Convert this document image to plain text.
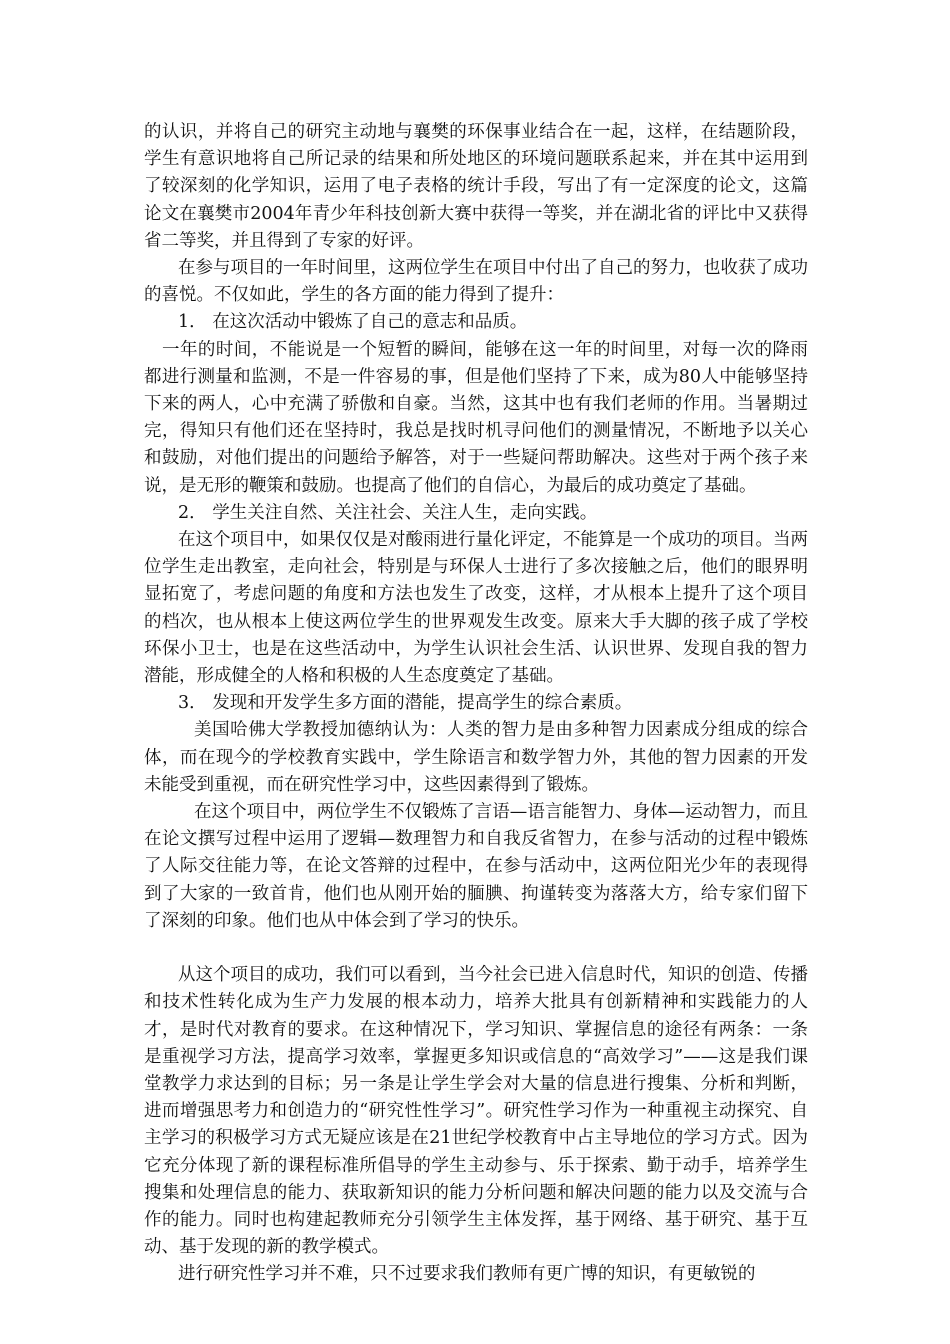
的认识，并将自己的研究主动地与襄樊的环保事业结合在一起，这样，在结题阶段，学生有意识地将自己所记录的结果和所处地区的环境问题联系起来，并在其中运用到了较深刻的化学知识，运用了电子表格的统计手段，写出了有一定深度的论文，这篇论文在襄樊市2004年青少年科技创新大赛中获得一等奖，并在湖北省的评比中又获得省二等奖，并且得到了专家的好评。

在参与项目的一年时间里，这两位学生在项目中付出了自己的努力，也收获了成功的喜悦。不仅如此，学生的各方面的能力得到了提升：

1． 在这次活动中锻炼了自己的意志和品质。

一年的时间，不能说是一个短暂的瞬间，能够在这一年的时间里，对每一次的降雨都进行测量和监测，不是一件容易的事，但是他们坚持了下来，成为80人中能够坚持下来的两人，心中充满了骄傲和自豪。当然，这其中也有我们老师的作用。当暑期过完，得知只有他们还在坚持时，我总是找时机寻问他们的测量情况，不断地予以关心和鼓励，对他们提出的问题给予解答，对于一些疑问帮助解决。这些对于两个孩子来说，是无形的鞭策和鼓励。也提高了他们的自信心，为最后的成功奠定了基础。

2． 学生关注自然、关注社会、关注人生，走向实践。

在这个项目中，如果仅仅是对酸雨进行量化评定，不能算是一个成功的项目。当两位学生走出教室，走向社会，特别是与环保人士进行了多次接触之后，他们的眼界明显拓宽了，考虑问题的角度和方法也发生了改变，这样，才从根本上提升了这个项目的档次，也从根本上使这两位学生的世界观发生改变。原来大手大脚的孩子成了学校环保小卫士，也是在这些活动中，为学生认识社会生活、认识世界、发现自我的智力潜能，形成健全的人格和积极的人生态度奠定了基础。

3． 发现和开发学生多方面的潜能，提高学生的综合素质。

美国哈佛大学教授加德纳认为：人类的智力是由多种智力因素成分组成的综合体，而在现今的学校教育实践中，学生除语言和数学智力外，其他的智力因素的开发未能受到重视，而在研究性学习中，这些因素得到了锻炼。

在这个项目中，两位学生不仅锻炼了言语—语言能智力、身体—运动智力，而且在论文撰写过程中运用了逻辑—数理智力和自我反省智力，在参与活动的过程中锻炼了人际交往能力等，在论文答辩的过程中，在参与活动中，这两位阳光少年的表现得到了大家的一致首肯，他们也从刚开始的腼腆、拘谨转变为落落大方，给专家们留下了深刻的印象。他们也从中体会到了学习的快乐。

从这个项目的成功，我们可以看到，当今社会已进入信息时代，知识的创造、传播和技术性转化成为生产力发展的根本动力，培养大批具有创新精神和实践能力的人才，是时代对教育的要求。在这种情况下，学习知识、掌握信息的途径有两条：一条是重视学习方法，提高学习效率，掌握更多知识或信息的“高效学习”——这是我们课堂教学力求达到的目标；另一条是让学生学会对大量的信息进行搜集、分析和判断，进而增强思考力和创造力的“研究性性学习”。研究性学习作为一种重视主动探究、自主学习的积极学习方式无疑应该是在21世纪学校教育中占主导地位的学习方式。因为它充分体现了新的课程标准所倡导的学生主动参与、乐于探索、勤于动手，培养学生搜集和处理信息的能力、获取新知识的能力分析问题和解决问题的能力以及交流与合作的能力。同时也构建起教师充分引领学生主体发挥，基于网络、基于研究、基于互动、基于发现的新的教学模式。

进行研究性学习并不难，只不过要求我们教师有更广博的知识，有更敏锐的
